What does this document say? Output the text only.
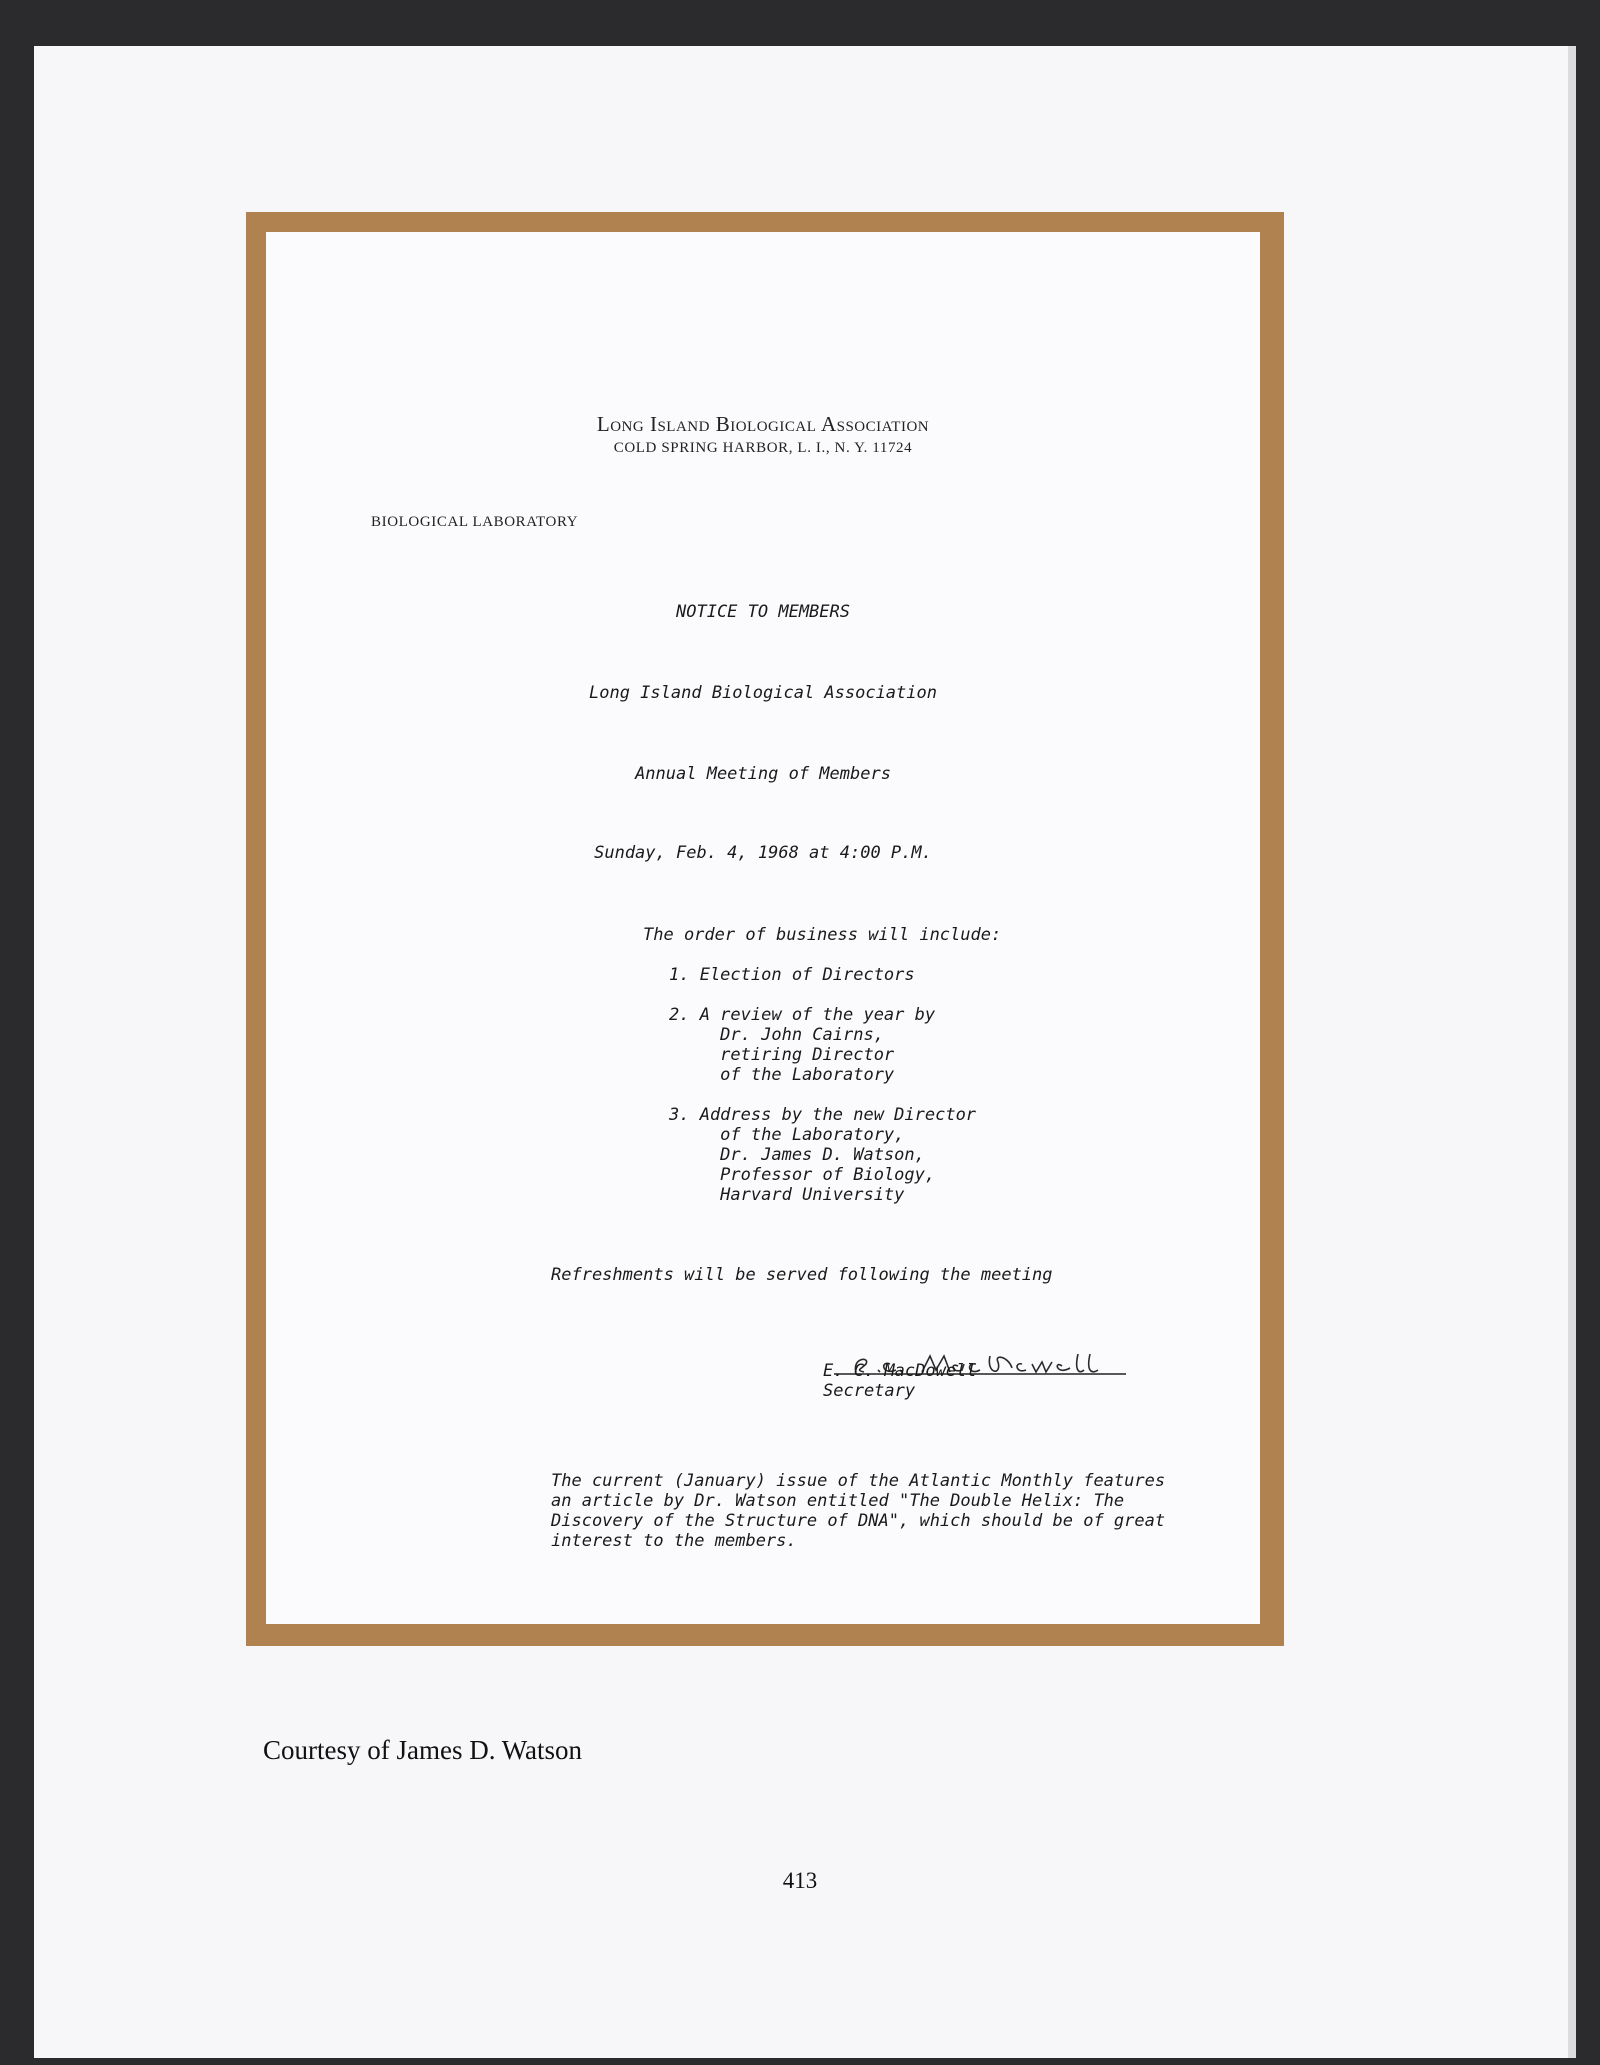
Long Island Biological Association
COLD SPRING HARBOR, L. I., N. Y. 11724
BIOLOGICAL LABORATORY
NOTICE TO MEMBERS
Long Island Biological Association
Annual Meeting of Members
Sunday, Feb. 4, 1968 at 4:00 P.M.
The order of business will include:
1. Election of Directors
2. A review of the year by
Dr. John Cairns,
retiring Director
of the Laboratory
3. Address by the new Director
of the Laboratory,
Dr. James D. Watson,
Professor of Biology,
Harvard University
Refreshments will be served following the meeting
E. C. MacDowell
Secretary
The current (January) issue of the Atlantic Monthly features
an article by Dr. Watson entitled "The Double Helix: The
Discovery of the Structure of DNA", which should be of great
interest to the members.
Courtesy of James D. Watson
413
